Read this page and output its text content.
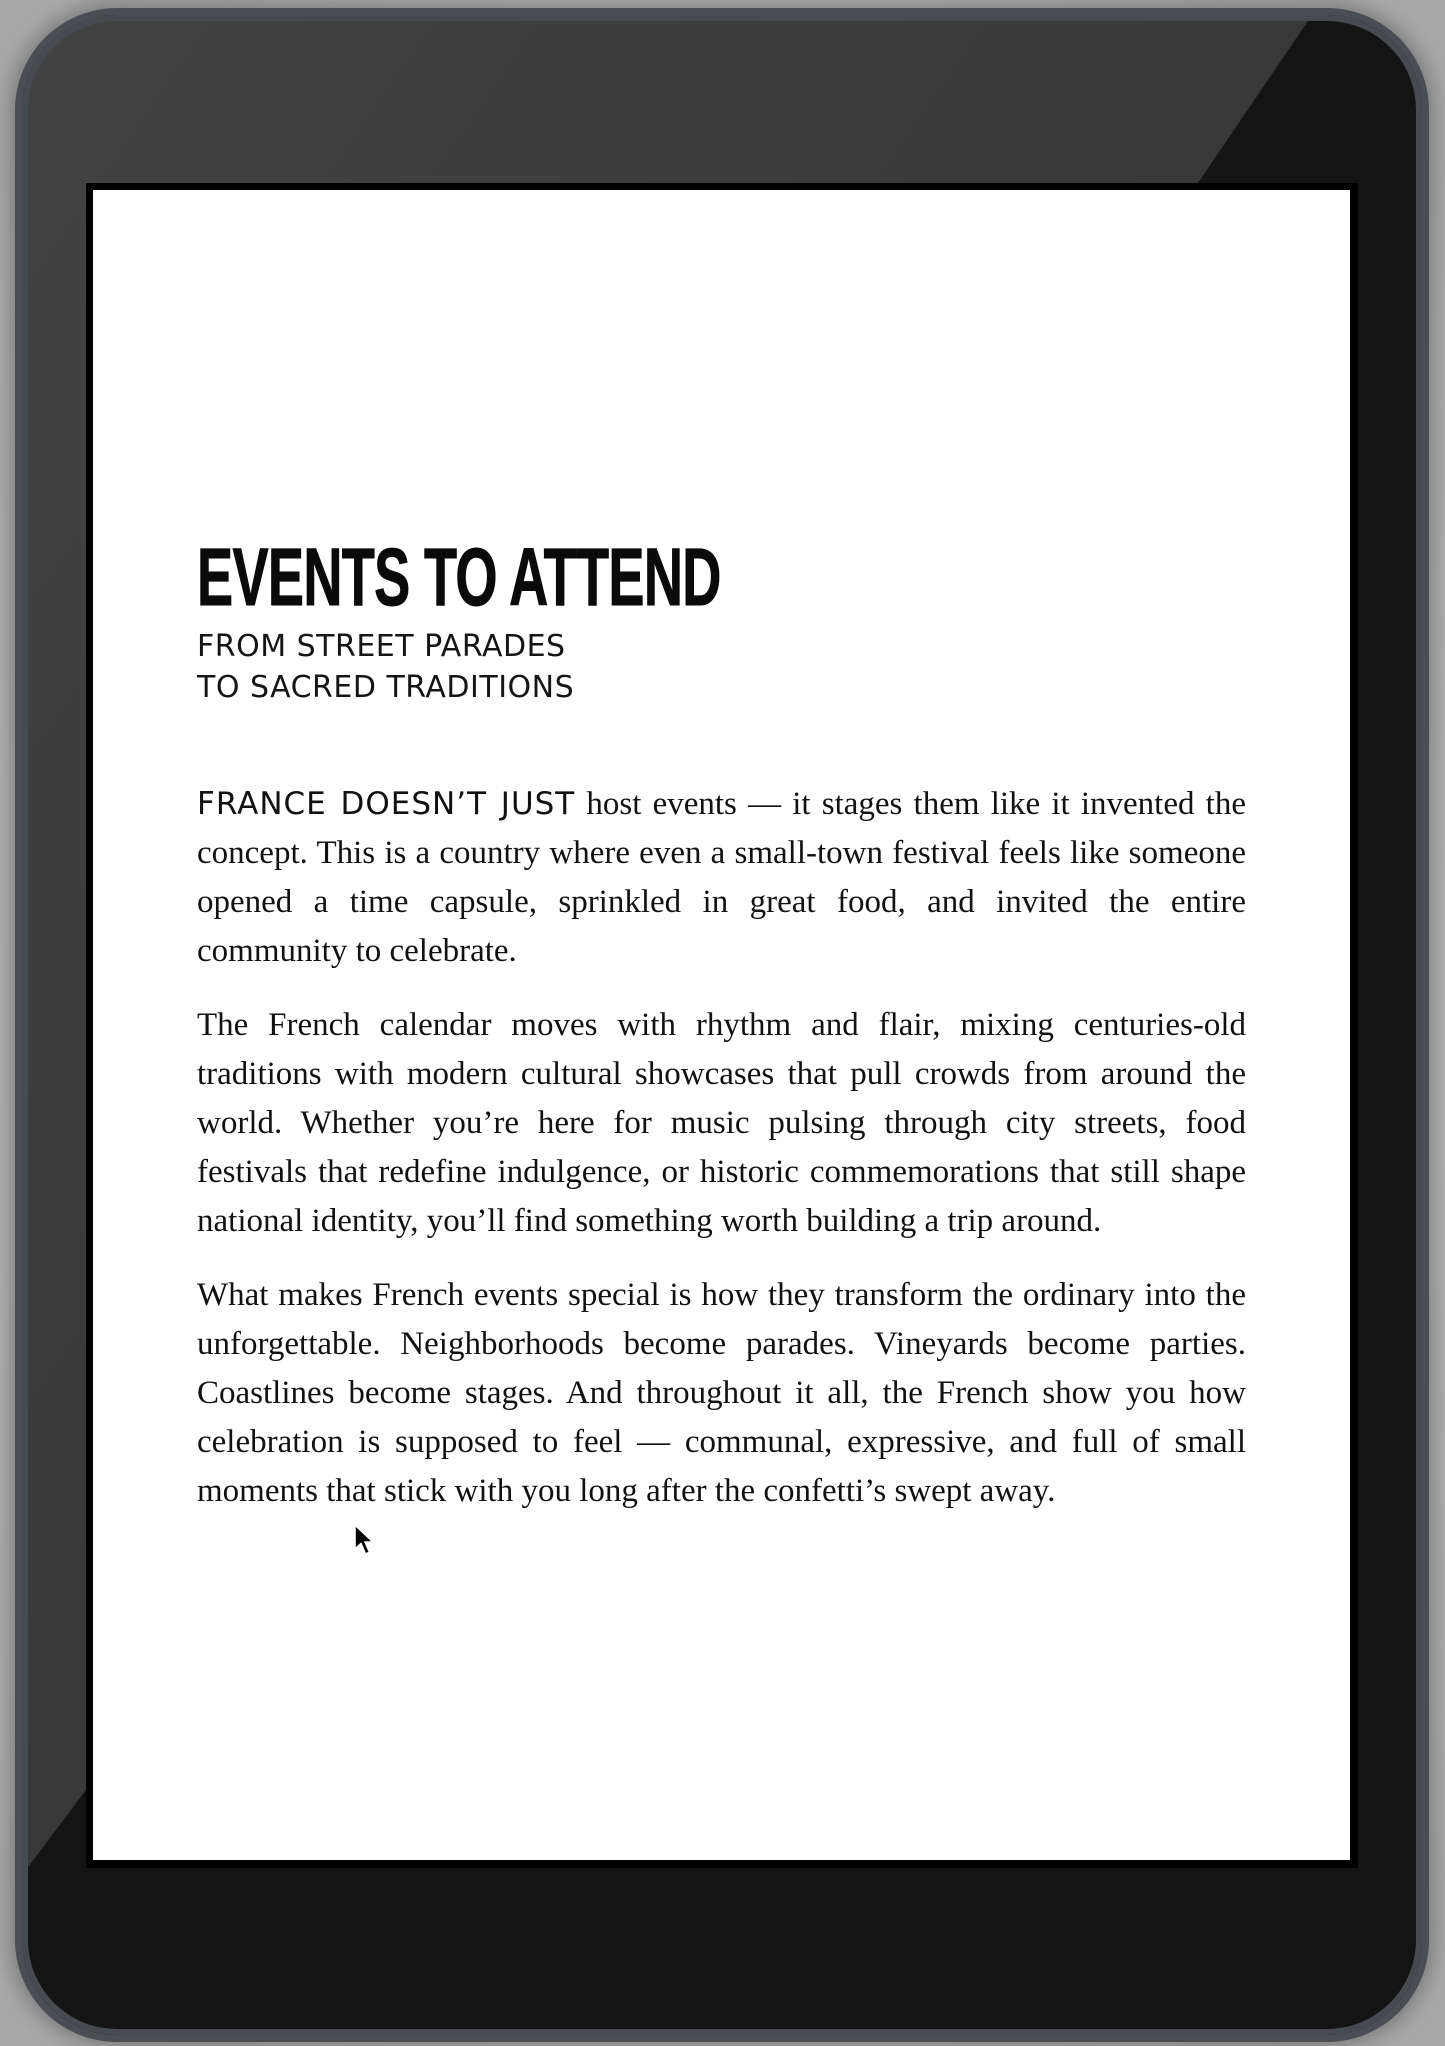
EVENTS TO ATTEND
FROM STREET PARADES
TO SACRED TRADITIONS

FRANCE DOESN’T JUST host events — it stages them like it invented the concept. This is a country where even a small-town festival feels like someone opened a time capsule, sprinkled in great food, and invited the entire community to celebrate.

The French calendar moves with rhythm and flair, mixing centuries-old traditions with modern cultural showcases that pull crowds from around the world. Whether you’re here for music pulsing through city streets, food festivals that redefine indulgence, or historic commemorations that still shape national identity, you’ll find something worth building a trip around.

What makes French events special is how they transform the ordinary into the unforgettable. Neighborhoods become parades. Vineyards become parties. Coastlines become stages. And throughout it all, the French show you how celebration is supposed to feel — communal, expressive, and full of small moments that stick with you long after the confetti’s swept away.
